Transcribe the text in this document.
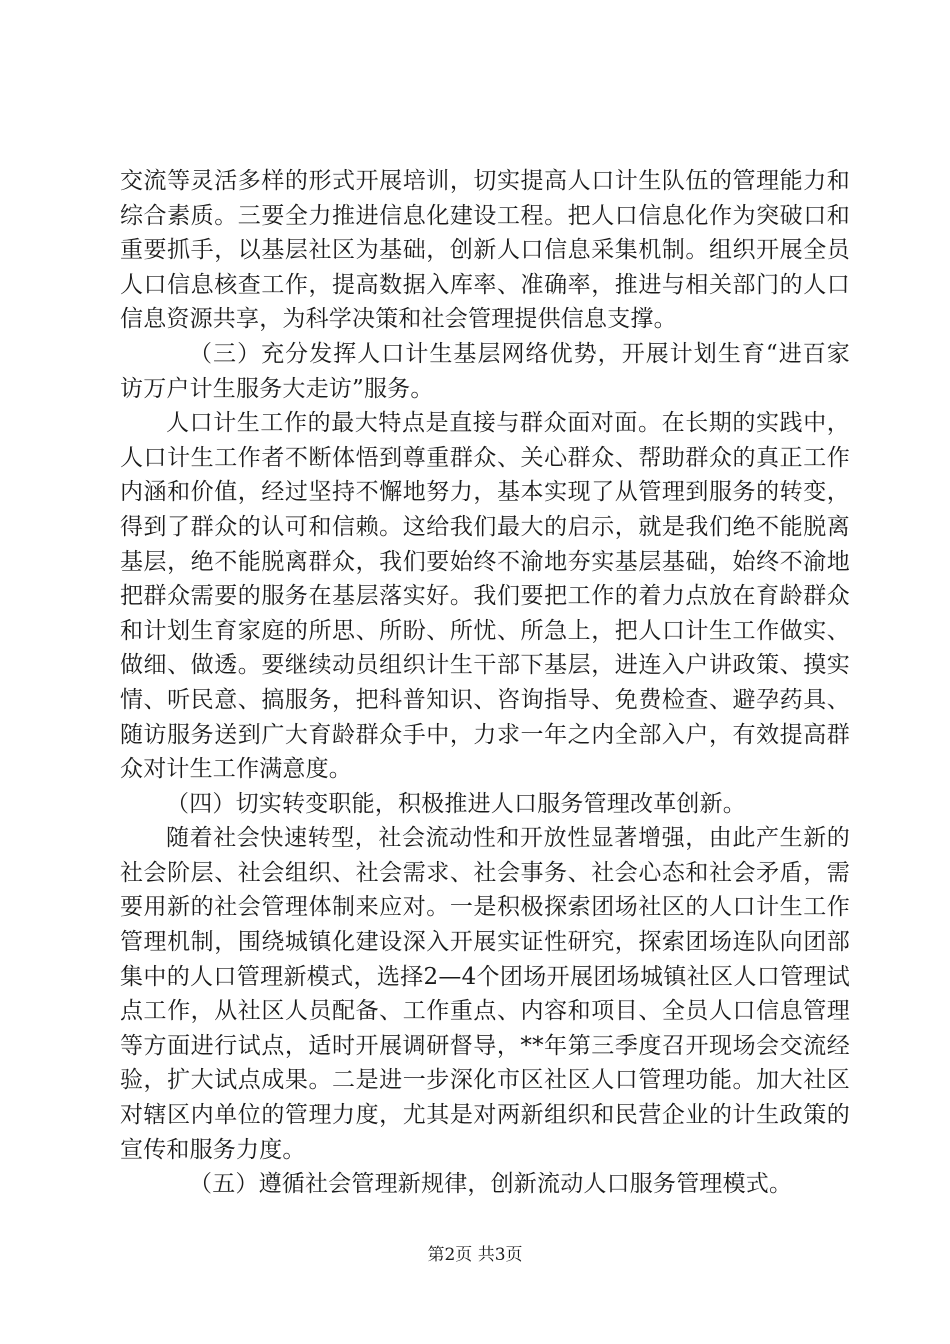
交流等灵活多样的形式开展培训，切实提高人口计生队伍的管理能力和综合素质。三要全力推进信息化建设工程。把人口信息化作为突破口和重要抓手，以基层社区为基础，创新人口信息采集机制。组织开展全员人口信息核查工作，提高数据入库率、准确率，推进与相关部门的人口信息资源共享，为科学决策和社会管理提供信息支撑。

（三）充分发挥人口计生基层网络优势，开展计划生育“进百家访万户计生服务大走访”服务。

人口计生工作的最大特点是直接与群众面对面。在长期的实践中，人口计生工作者不断体悟到尊重群众、关心群众、帮助群众的真正工作内涵和价值，经过坚持不懈地努力，基本实现了从管理到服务的转变，得到了群众的认可和信赖。这给我们最大的启示，就是我们绝不能脱离基层，绝不能脱离群众，我们要始终不渝地夯实基层基础，始终不渝地把群众需要的服务在基层落实好。我们要把工作的着力点放在育龄群众和计划生育家庭的所思、所盼、所忧、所急上，把人口计生工作做实、做细、做透。要继续动员组织计生干部下基层，进连入户讲政策、摸实情、听民意、搞服务，把科普知识、咨询指导、免费检查、避孕药具、随访服务送到广大育龄群众手中，力求一年之内全部入户，有效提高群众对计生工作满意度。

（四）切实转变职能，积极推进人口服务管理改革创新。

随着社会快速转型，社会流动性和开放性显著增强，由此产生新的社会阶层、社会组织、社会需求、社会事务、社会心态和社会矛盾，需要用新的社会管理体制来应对。一是积极探索团场社区的人口计生工作管理机制，围绕城镇化建设深入开展实证性研究，探索团场连队向团部集中的人口管理新模式，选择2—4个团场开展团场城镇社区人口管理试点工作，从社区人员配备、工作重点、内容和项目、全员人口信息管理等方面进行试点，适时开展调研督导，**年第三季度召开现场会交流经验，扩大试点成果。二是进一步深化市区社区人口管理功能。加大社区对辖区内单位的管理力度，尤其是对两新组织和民营企业的计生政策的宣传和服务力度。

（五）遵循社会管理新规律，创新流动人口服务管理模式。

第2页 共3页
